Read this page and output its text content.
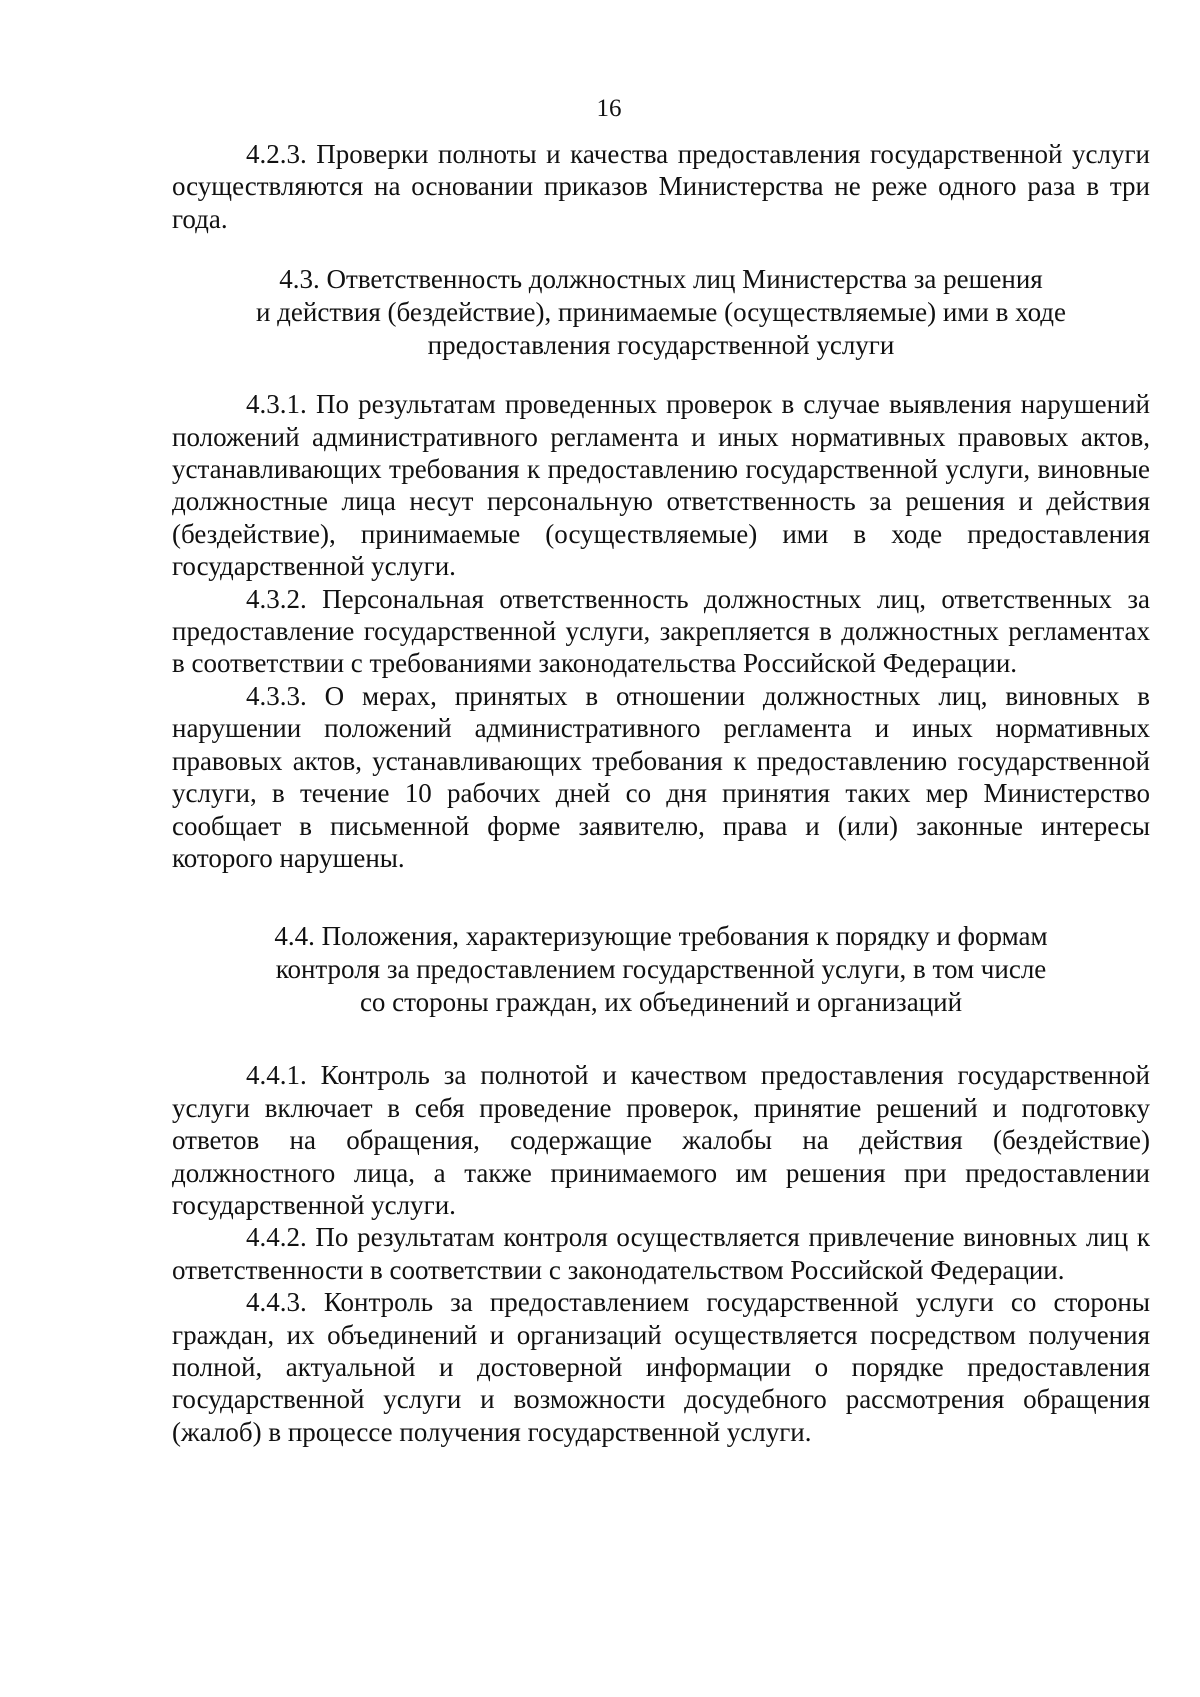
16

4.2.3. Проверки полноты и качества предоставления государственной услуги осуществляются на основании приказов Министерства не реже одного раза в три года.

4.3. Ответственность должностных лиц Министерства за решения
и действия (бездействие), принимаемые (осуществляемые) ими в ходе
предоставления государственной услуги

4.3.1. По результатам проведенных проверок в случае выявления нарушений положений административного регламента и иных нормативных правовых актов, устанавливающих требования к предоставлению государственной услуги, виновные должностные лица несут персональную ответственность за решения и действия (бездействие), принимаемые (осуществляемые) ими в ходе предоставления государственной услуги.

4.3.2. Персональная ответственность должностных лиц, ответственных за предоставление государственной услуги, закрепляется в должностных регламентах в соответствии с требованиями законодательства Российской Федерации.

4.3.3. О мерах, принятых в отношении должностных лиц, виновных в нарушении положений административного регламента и иных нормативных правовых актов, устанавливающих требования к предоставлению государственной услуги, в течение 10 рабочих дней со дня принятия таких мер Министерство сообщает в письменной форме заявителю, права и (или) законные интересы которого нарушены.

4.4. Положения, характеризующие требования к порядку и формам
контроля за предоставлением государственной услуги, в том числе
со стороны граждан, их объединений и организаций

4.4.1. Контроль за полнотой и качеством предоставления государственной услуги включает в себя проведение проверок, принятие решений и подготовку ответов на обращения, содержащие жалобы на действия (бездействие) должностного лица, а также принимаемого им решения при предоставлении государственной услуги.

4.4.2. По результатам контроля осуществляется привлечение виновных лиц к ответственности в соответствии с законодательством Российской Федерации.

4.4.3. Контроль за предоставлением государственной услуги со стороны граждан, их объединений и организаций осуществляется посредством получения полной, актуальной и достоверной информации о порядке предоставления государственной услуги и возможности досудебного рассмотрения обращения (жалоб) в процессе получения государственной услуги.
